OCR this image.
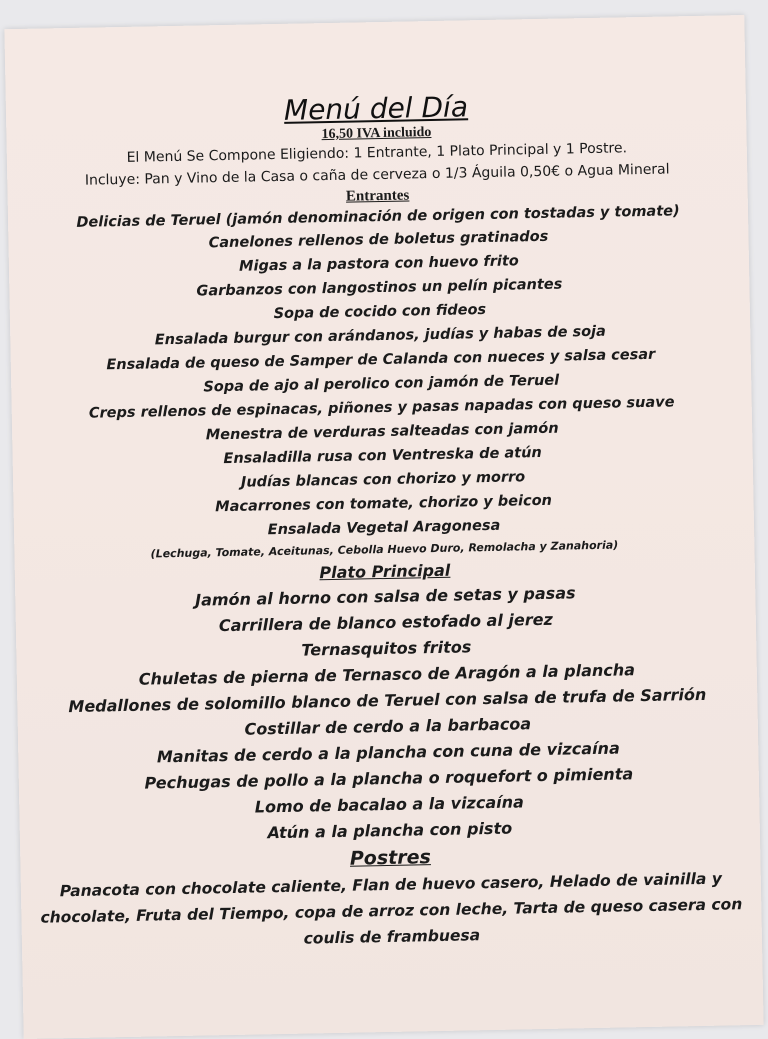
Menú del Día
16,50 IVA incluido
El Menú Se Compone Eligiendo: 1 Entrante, 1 Plato Principal y 1 Postre.
Incluye: Pan y Vino de la Casa o caña de cerveza o 1/3 Águila 0,50€ o Agua Mineral
Entrantes
Delicias de Teruel (jamón denominación de origen con tostadas y tomate)
Canelones rellenos de boletus gratinados
Migas a la pastora con huevo frito
Garbanzos con langostinos un pelín picantes
Sopa de cocido con fideos
Ensalada burgur con arándanos, judías y habas de soja
Ensalada de queso de Samper de Calanda con nueces y salsa cesar
Sopa de ajo al perolico con jamón de Teruel
Creps rellenos de espinacas, piñones y pasas napadas con queso suave
Menestra de verduras salteadas con jamón
Ensaladilla rusa con Ventreska de atún
Judías blancas con chorizo y morro
Macarrones con tomate, chorizo y beicon
Ensalada Vegetal Aragonesa
(Lechuga, Tomate, Aceitunas, Cebolla Huevo Duro, Remolacha y Zanahoria)
Plato Principal
Jamón al horno con salsa de setas y pasas
Carrillera de blanco estofado al jerez
Ternasquitos fritos
Chuletas de pierna de Ternasco de Aragón a la plancha
Medallones de solomillo blanco de Teruel con salsa de trufa de Sarrión
Costillar de cerdo a la barbacoa
Manitas de cerdo a la plancha con cuna de vizcaína
Pechugas de pollo a la plancha o roquefort o pimienta
Lomo de bacalao a la vizcaína
Atún a la plancha con pisto
Postres
Panacota con chocolate caliente, Flan de huevo casero, Helado de vainilla y chocolate, Fruta del Tiempo, copa de arroz con leche, Tarta de queso casera con coulis de frambuesa
